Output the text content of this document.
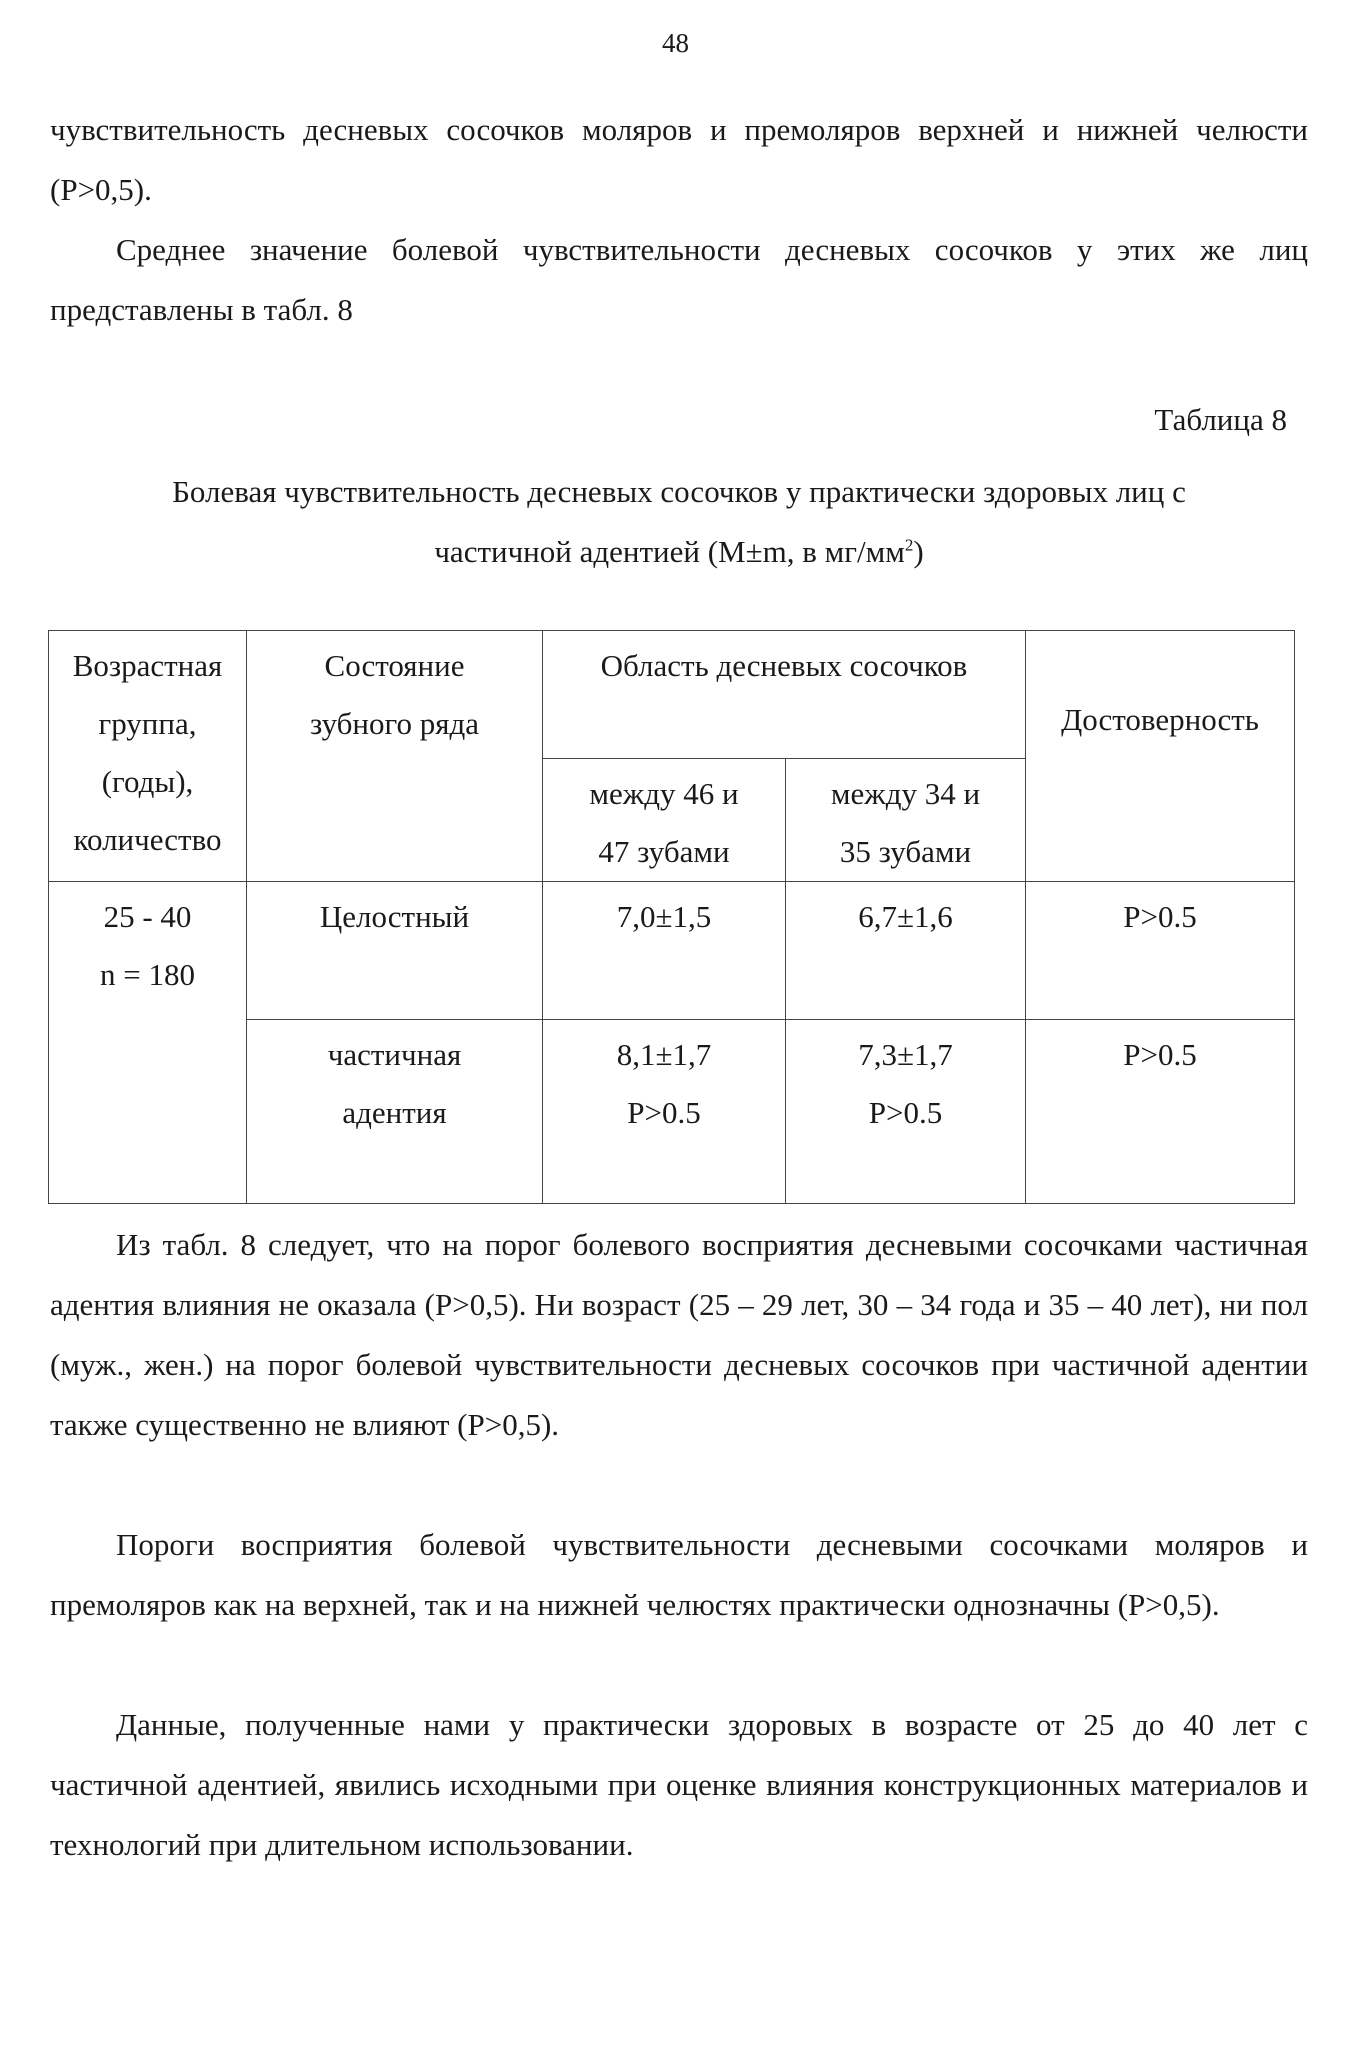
48

чувствительность десневых сосочков моляров и премоляров верхней и нижней челюсти (Р>0,5).

Среднее значение болевой чувствительности десневых сосочков у этих же лиц представлены в табл. 8

Таблица 8

Болевая чувствительность десневых сосочков у практически здоровых лиц с
частичной адентией (M±m, в $мг/мм^2$)

Возрастная
группа,
(годы),
количество	Состояние
зубного ряда	Область десневых сосочков		Достоверность

		между 46 и
47 зубами	между 34 и
35 зубами	

25 - 40
n = 180	Целостный	7,0±1,5	6,7±1,6	Р>0.5

	частичная
адентия	8,1±1,7
Р>0.5	7,3±1,7
Р>0.5	Р>0.5

Из табл. 8 следует, что на порог болевого восприятия десневыми сосочками частичная адентия влияния не оказала (Р>0,5). Ни возраст (25 – 29 лет, 30 – 34 года и 35 – 40 лет), ни пол (муж., жен.) на порог болевой чувствительности десневых сосочков при частичной адентии также существенно не влияют (Р>0,5).

Пороги восприятия болевой чувствительности десневыми сосочками моляров и премоляров как на верхней, так и на нижней челюстях практически однозначны (Р>0,5).

Данные, полученные нами у практически здоровых в возрасте от 25 до 40 лет с частичной адентией, явились исходными при оценке влияния конструкционных материалов и технологий при длительном использовании.
